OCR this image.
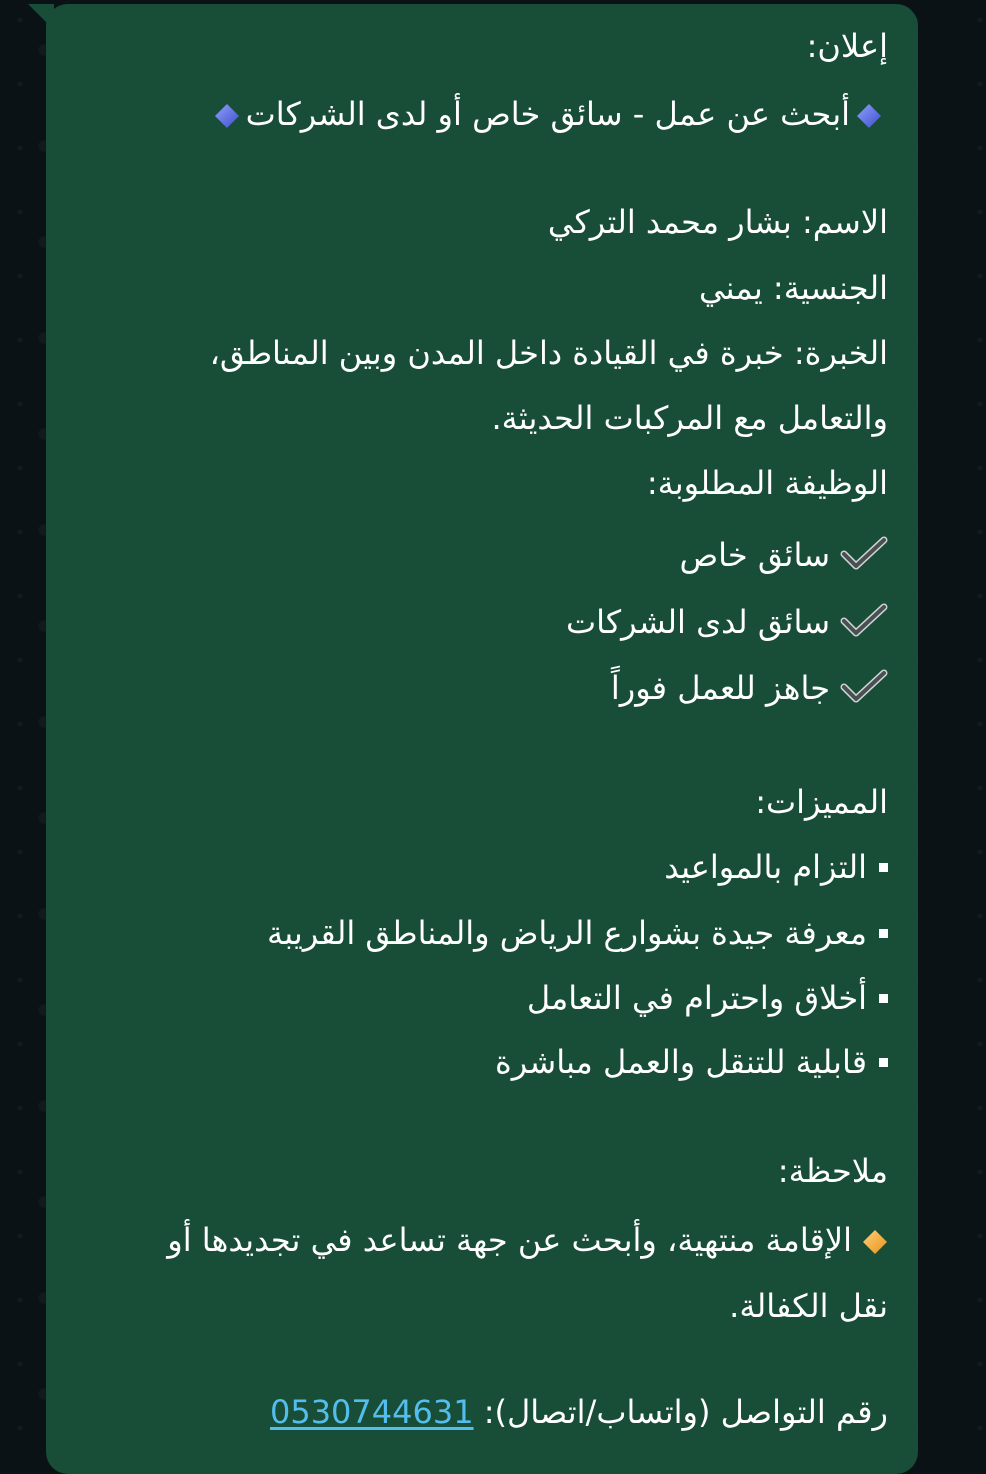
إعلان:
أبحث عن عمل - سائق خاص أو لدى الشركات
الاسم: بشار محمد التركي
الجنسية: يمني
الخبرة: خبرة في القيادة داخل المدن وبين المناطق،
والتعامل مع المركبات الحديثة.
الوظيفة المطلوبة:
سائق خاص
سائق لدى الشركات
جاهز للعمل فوراً
المميزات:
التزام بالمواعيد
معرفة جيدة بشوارع الرياض والمناطق القريبة
أخلاق واحترام في التعامل
قابلية للتنقل والعمل مباشرة
ملاحظة:
الإقامة منتهية، وأبحث عن جهة تساعد في تجديدها أو
نقل الكفالة.
رقم التواصل (واتساب/اتصال): 0530744631
